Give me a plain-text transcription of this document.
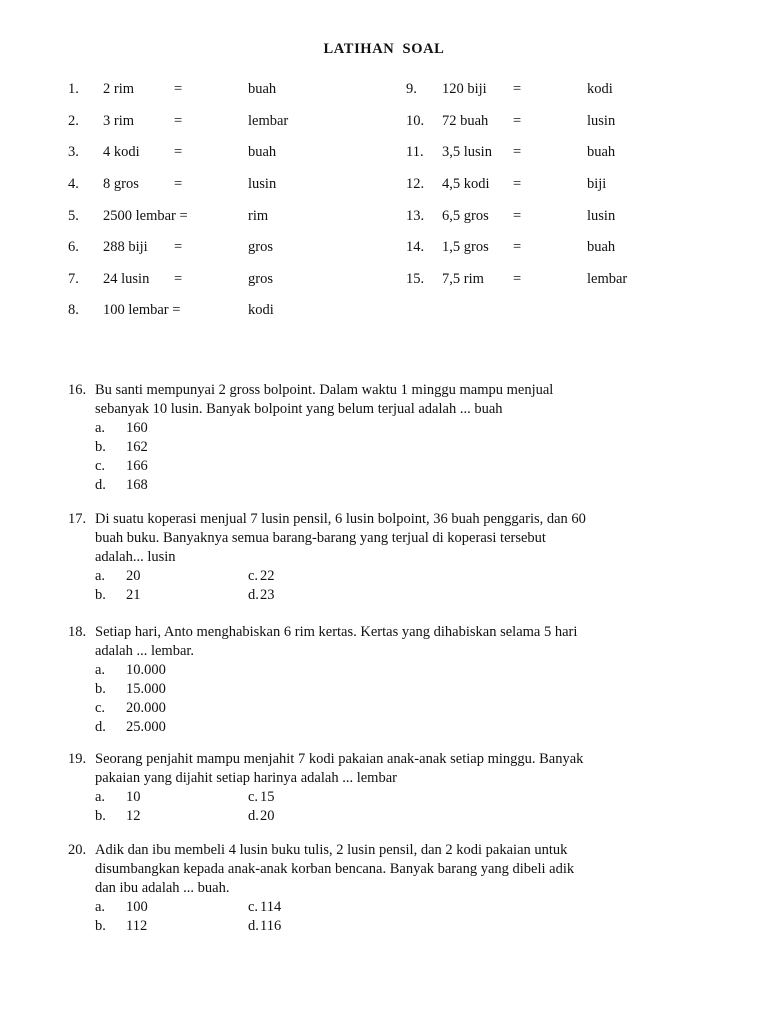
LATIHAN SOAL
1. 2 rim	=	buah
2. 3 rim	=	lembar
3. 4 kodi =	buah
4. 8 gros =	lusin
5. 2500 lembar =	rim
6. 288 biji =	gros
7. 24 lusin =	gros
8. 100 lembar =	kodi
9. 120 biji =	kodi
10. 72 buah =	lusin
11. 3,5 lusin =	buah
12. 4,5 kodi =	biji
13. 6,5 gros =	lusin
14. 1,5 gros =	buah
15. 7,5 rim =	lembar
16. Bu santi mempunyai 2 gross bolpoint. Dalam waktu 1 minggu mampu menjual
sebanyak 10 lusin. Banyak bolpoint yang belum terjual adalah ... buah
a. 160
b. 162
c. 166
d. 168
17. Di suatu koperasi menjual 7 lusin pensil, 6 lusin bolpoint, 36 buah penggaris, dan 60
buah buku. Banyaknya semua barang-barang yang terjual di koperasi tersebut
adalah... lusin
a. 20
b. 21
c. 22
d. 23
18. Setiap hari, Anto menghabiskan 6 rim kertas. Kertas yang dihabiskan selama 5 hari
adalah ... lembar.
a. 10.000
b. 15.000
c. 20.000
d. 25.000
19. Seorang penjahit mampu menjahit 7 kodi pakaian anak-anak setiap minggu. Banyak
pakaian yang dijahit setiap harinya adalah ... lembar
a. 10
b. 12
c. 15
d. 20
20. Adik dan ibu membeli 4 lusin buku tulis, 2 lusin pensil, dan 2 kodi pakaian untuk
disumbangkan kepada anak-anak korban bencana. Banyak barang yang dibeli adik
dan ibu adalah ... buah.
a. 100
b. 112
c. 114
d. 116
